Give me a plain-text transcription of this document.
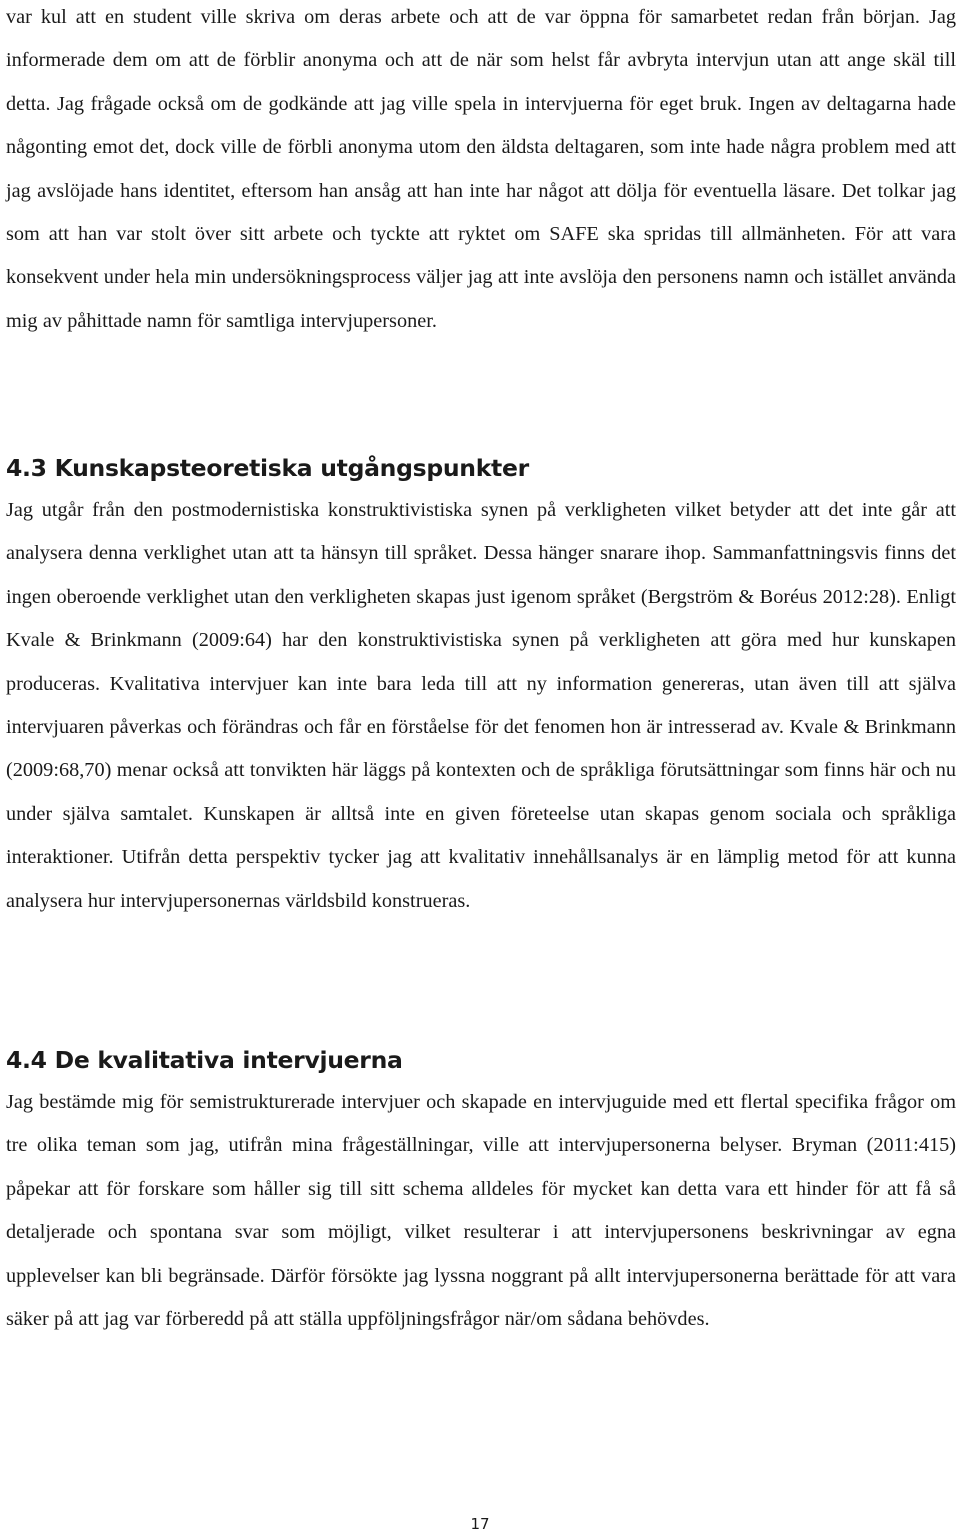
var kul att en student ville skriva om deras arbete och att de var öppna för samarbetet redan från början. Jag informerade dem om att de förblir anonyma och att de när som helst får avbryta intervjun utan att ange skäl till detta. Jag frågade också om de godkände att jag ville spela in intervjuerna för eget bruk. Ingen av deltagarna hade någonting emot det, dock ville de förbli anonyma utom den äldsta deltagaren, som inte hade några problem med att jag avslöjade hans identitet, eftersom han ansåg att han inte har något att dölja för eventuella läsare. Det tolkar jag som att han var stolt över sitt arbete och tyckte att ryktet om SAFE ska spridas till allmänheten. För att vara konsekvent under hela min undersökningsprocess väljer jag att inte avslöja den personens namn och istället använda mig av påhittade namn för samtliga intervjupersoner.

4.3 Kunskapsteoretiska utgångspunkter

Jag utgår från den postmodernistiska konstruktivistiska synen på verkligheten vilket betyder att det inte går att analysera denna verklighet utan att ta hänsyn till språket. Dessa hänger snarare ihop. Sammanfattningsvis finns det ingen oberoende verklighet utan den verkligheten skapas just igenom språket (Bergström & Boréus 2012:28). Enligt Kvale & Brinkmann (2009:64) har den konstruktivistiska synen på verkligheten att göra med hur kunskapen produceras. Kvalitativa intervjuer kan inte bara leda till att ny information genereras, utan även till att själva intervjuaren påverkas och förändras och får en förståelse för det fenomen hon är intresserad av. Kvale & Brinkmann (2009:68,70) menar också att tonvikten här läggs på kontexten och de språkliga förutsättningar som finns här och nu under själva samtalet. Kunskapen är alltså inte en given företeelse utan skapas genom sociala och språkliga interaktioner. Utifrån detta perspektiv tycker jag att kvalitativ innehållsanalys är en lämplig metod för att kunna analysera hur intervjupersonernas världsbild konstrueras.

4.4 De kvalitativa intervjuerna

Jag bestämde mig för semistrukturerade intervjuer och skapade en intervjuguide med ett flertal specifika frågor om tre olika teman som jag, utifrån mina frågeställningar, ville att intervjupersonerna belyser. Bryman (2011:415) påpekar att för forskare som håller sig till sitt schema alldeles för mycket kan detta vara ett hinder för att få så detaljerade och spontana svar som möjligt, vilket resulterar i att intervjupersonens beskrivningar av egna upplevelser kan bli begränsade. Därför försökte jag lyssna noggrant på allt intervjupersonerna berättade för att vara säker på att jag var förberedd på att ställa uppföljningsfrågor när/om sådana behövdes.

17
